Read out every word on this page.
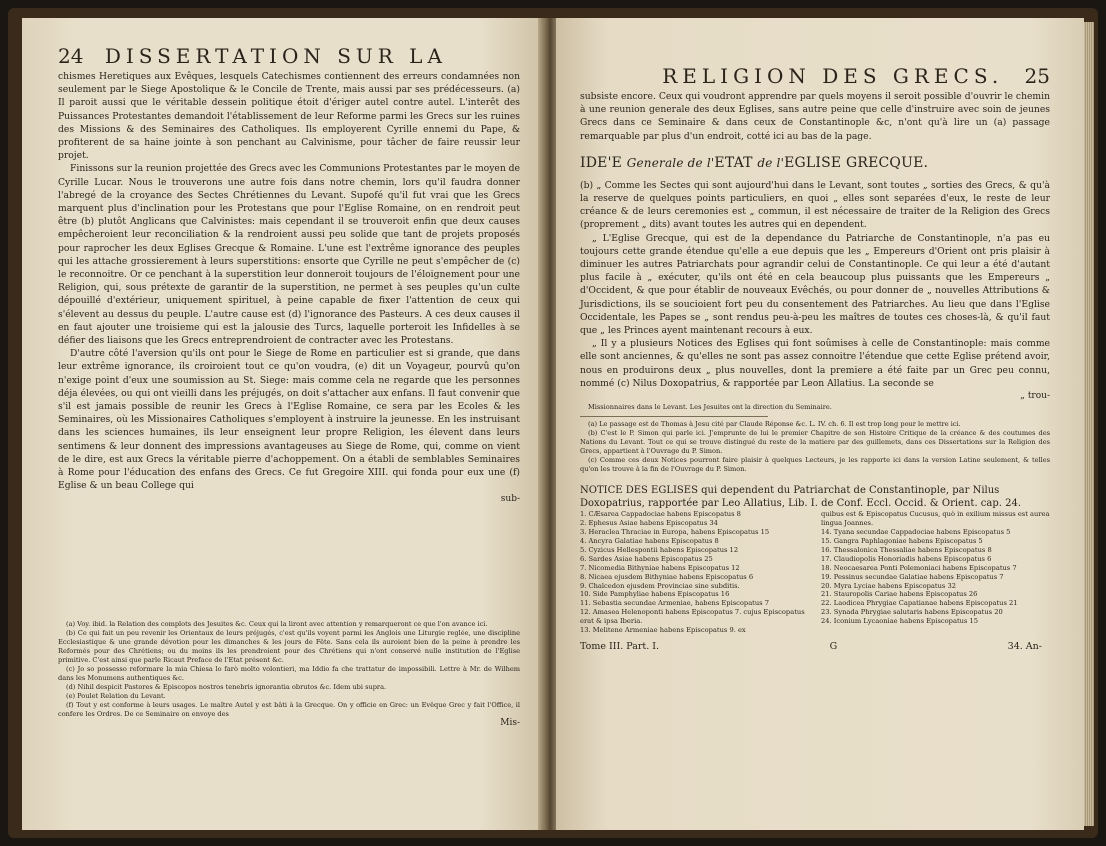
24 DISSERTATION SUR LA

chismes Heretiques aux Evêques, lesquels Catechismes contiennent des erreurs condamnées non seulement par le Siege Apostolique & le Concile de Trente, mais aussi par ses prédécesseurs. (a) Il paroit aussi que le véritable dessein politique étoit d'ériger autel contre autel. L'interêt des Puissances Protestantes demandoit l'établissement de leur Reforme parmi les Grecs sur les ruines des Missions & des Seminaires des Catholiques. Ils employerent Cyrille ennemi du Pape, & profiterent de sa haine jointe à son penchant au Calvinisme, pour tâcher de faire reussir leur projet.

Finissons sur la reunion projettée des Grecs avec les Communions Protestantes par le moyen de Cyrille Lucar. Nous le trouverons une autre fois dans notre chemin, lors qu'il faudra donner l'abregé de la croyance des Sectes Chrétiennes du Levant. Supofé qu'il fut vrai que les Grecs marquent plus d'inclination pour les Protestans que pour l'Eglise Romaine, on en rendroit peut être (b) plutôt Anglicans que Calvinistes: mais cependant il se trouveroit enfin que deux causes empêcheroient leur reconciliation & la rendroient aussi peu solide que tant de projets proposés pour raprocher les deux Eglises Grecque & Romaine. L'une est l'extrême ignorance des peuples qui les attache grossierement à leurs superstitions: ensorte que Cyrille ne peut s'empêcher de (c) le reconnoitre. Or ce penchant à la superstition leur donneroit toujours de l'éloignement pour une Religion, qui, sous prétexte de garantir de la superstition, ne permet à ses peuples qu'un culte dépouillé d'extérieur, uniquement spirituel, à peine capable de fixer l'attention de ceux qui s'élevent au dessus du peuple. L'autre cause est (d) l'ignorance des Pasteurs. A ces deux causes il en faut ajouter une troisieme qui est la jalousie des Turcs, laquelle porteroit les Infidelles à se défier des liaisons que les Grecs entreprendroient de contracter avec les Protestans.

D'autre côté l'aversion qu'ils ont pour le Siege de Rome en particulier est si grande, que dans leur extrême ignorance, ils croiroient tout ce qu'on voudra, (e) dit un Voyageur, pourvû qu'on n'exige point d'eux une soumission au St. Siege: mais comme cela ne regarde que les personnes déja élevées, ou qui ont vieilli dans les préjugés, on doit s'attacher aux enfans. Il faut convenir que s'il est jamais possible de reunir les Grecs à l'Eglise Romaine, ce sera par les Ecoles & les Seminaires, où les Missionaires Catholiques s'employent à instruire la jeunesse. En les instruisant dans les sciences humaines, ils leur enseignent leur propre Religion, les élevent dans leurs sentimens & leur donnent des impressions avantageuses au Siege de Rome, qui, comme on vient de le dire, est aux Grecs la véritable pierre d'achoppement. On a établi de semblables Seminaires à Rome pour l'éducation des enfans des Grecs. Ce fut Gregoire XIII. qui fonda pour eux une (f) Eglise & un beau College qui

sub-

(a) Voy. ibid. la Relation des complots des Jesuites &c. Ceux qui la liront avec attention y remarqueront ce que l'on avance ici.

(b) Ce qui fait un peu revenir les Orientaux de leurs préjugés, c'est qu'ils voyent parmi les Anglois une Liturgie reglée, une discipline Ecclesiastique & une grande dévotion pour les dimanches & les jours de Fête. Sans cela ils auroient bien de la peine à prendre les Reformés pour des Chrétiens; ou du moins ils les prendroient pour des Chrétiens qui n'ont conservé nulle institution de l'Eglise primitive. C'est ainsi que parle Ricaut Preface de l'Etat présent &c.

(c) Jo so possesso reformare la mia Chiesa lo farò molto volontieri, ma Iddio fa che trattatur de impossibili. Lettre à Mr. de Wilhem dans les Monumens authentiques &c.

(d) Nihil despicit Pastores & Episcopos nostros tenebris ignorantia obrutos &c. Idem ubi supra.

(e) Poulet Relation du Levant.

(f) Tout y est conforme à leurs usages. Le maître Autel y est bâti à la Grecque. On y officie en Grec: un Evêque Grec y fait l'Office, il confere les Ordres. De ce Seminaire on envoye des

Mis-
RELIGION DES GRECS. 25

subsiste encore. Ceux qui voudront apprendre par quels moyens il seroit possible d'ouvrir le chemin à une reunion generale des deux Eglises, sans autre peine que celle d'instruire avec soin de jeunes Grecs dans ce Seminaire & dans ceux de Constantinople &c, n'ont qu'à lire un (a) passage remarquable par plus d'un endroit, cotté ici au bas de la page.

IDE'E Generale de l'ETAT de l'EGLISE GRECQUE.

(b) „ Comme les Sectes qui sont aujourd'hui dans le Levant, sont toutes „ sorties des Grecs, & qu'à la reserve de quelques points particuliers, en quoi „ elles sont separées d'eux, le reste de leur créance & de leurs ceremonies est „ commun, il est nécessaire de traiter de la Religion des Grecs (proprement „ dits) avant toutes les autres qui en dependent.

„ L'Eglise Grecque, qui est de la dependance du Patriarche de Constantinople, n'a pas eu toujours cette grande étendue qu'elle a eue depuis que les „ Empereurs d'Orient ont pris plaisir à diminuer les autres Patriarchats pour agrandir celui de Constantinople. Ce qui leur a été d'autant plus facile à „ exécuter, qu'ils ont été en cela beaucoup plus puissants que les Empereurs „ d'Occident, & que pour établir de nouveaux Evêchés, ou pour donner de „ nouvelles Attributions & Jurisdictions, ils se soucioient fort peu du consentement des Patriarches. Au lieu que dans l'Eglise Occidentale, les Papes se „ sont rendus peu-à-peu les maîtres de toutes ces choses-là, & qu'il faut que „ les Princes ayent maintenant recours à eux.

„ Il y a plusieurs Notices des Eglises qui font soûmises à celle de Constantinople: mais comme elle sont anciennes, & qu'elles ne sont pas assez connoitre l'étendue que cette Eglise prétend avoir, nous en produirons deux „ plus nouvelles, dont la premiere a été faite par un Grec peu connu, nommé (c) Nilus Doxopatrius, & rapportée par Leon Allatius. La seconde se

„ trou-

Missionnaires dans le Levant. Les Jesuites ont la direction du Seminaire.

(a) Le passage est de Thomas à Jesu cité par Claude Réponse &c. L. IV. ch. 6. Il est trop long pour le mettre ici.

(b) C'est le P. Simon qui parle ici. J'emprunte de lui le premier Chapitre de son Histoire Critique de la créance & des coutumes des Nations du Levant. Tout ce qui se trouve distingué du reste de la matiere par des guillemets, dans ces Dissertations sur la Religion des Grecs, appartient à l'Ouvrage du P. Simon.

(c) Comme ces deux Notices pourront faire plaisir à quelques Lecteurs, je les rapporte ici dans la version Latine seulement, & telles qu'on les trouve à la fin de l'Ouvrage du P. Simon.

NOTICE DES EGLISES qui dependent du Patriarchat de Constantinople, par Nilus Doxopatrius, rapportée par Leo Allatius, Lib. I. de Conf. Eccl. Occid. & Orient. cap. 24.

1. CÆsarea Cappadociae habens Episcopatus 8

2. Ephesus Asiae habens Episcopatus 34

3. Heraclea Thraciae in Europa, habens Episcopatus 15

4. Ancyra Galatiae habens Episcopatus 8

5. Cyzicus Hellespontii habens Episcopatus 12

6. Sardes Asiae habens Episcopatus 25

7. Nicomedia Bithyniae habens Episcopatus 12

8. Nicaea ejusdem Bithyniae habens Episcopatus 6

9. Chalcedon ejusdem Provinciae sine subditis.

10. Side Pamphyliae habens Episcopatus 16

11. Sebastia secundae Armeniae, habens Episcopatus 7

12. Amasea Helenoponti habens Episcopatus 7. cujus Episcopatus erat & ipsa Iberia.

13. Melitene Armeniae habens Episcopatus 9. ex

quibus est & Episcopatus Cucusus, quò in exilium missus est aurea lingua Joannes.

14. Tyana secundae Cappadociae habens Episcopatus 5

15. Gangra Paphlagoniae habens Episcopatus 5

16. Thessalonica Thessaliae habens Episcopatus 8

17. Claudiopolis Honoriadis habens Episcopatus 6

18. Neocaesarea Ponti Polemoniaci habens Episcopatus 7

19. Pessinus secundae Galatiae habens Episcopatus 7

20. Myra Lyciae habens Episcopatus 32

21. Stauropolis Cariae habens Episcopatus 26

22. Laodicea Phrygiae Capatianae habens Episcopatus 21

23. Synada Phrygiae salutaris habens Episcopatus 20

24. Iconium Lycaoniae habens Episcopatus 15

Tome III. Part. I.	G	34. An-
